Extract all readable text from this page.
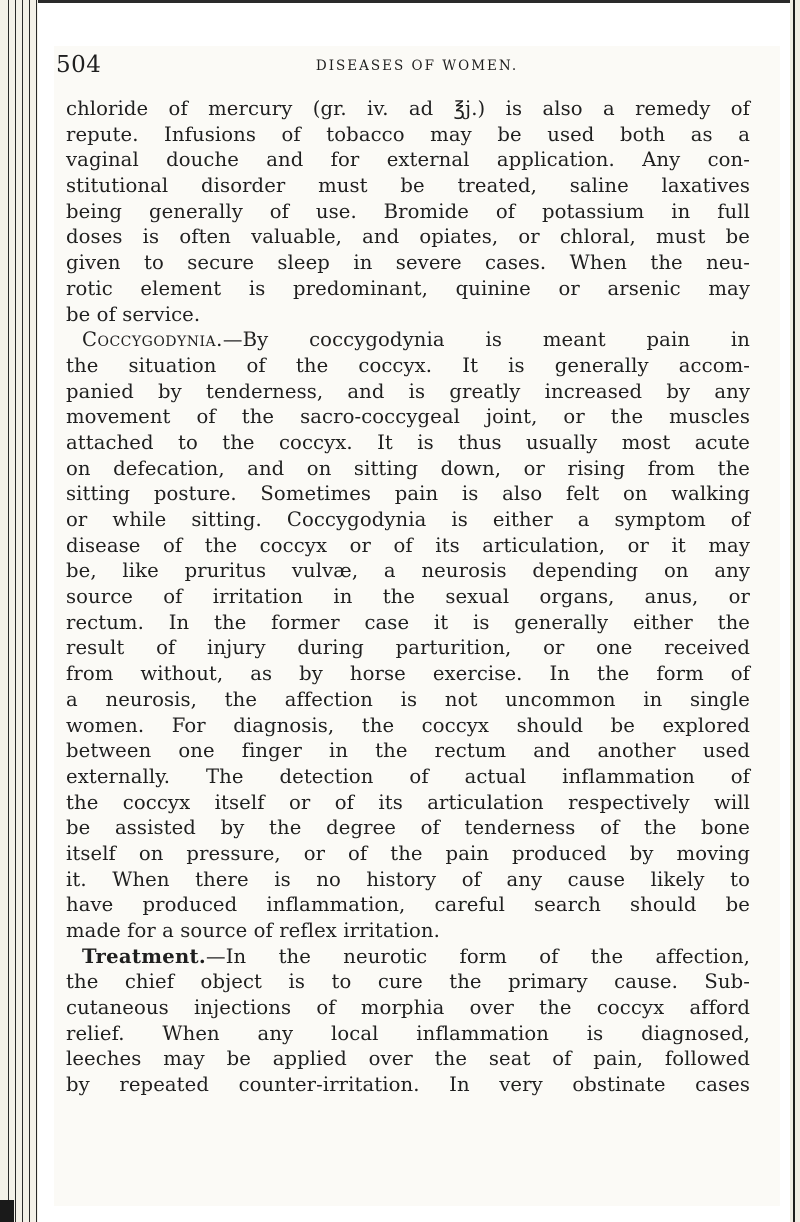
504	DISEASES OF WOMEN.
chloride of mercury (gr. iv. ad ℥j.) is also a remedy of
repute. Infusions of tobacco may be used both as a
vaginal douche and for external application. Any con-
stitutional disorder must be treated, saline laxatives
being generally of use. Bromide of potassium in full
doses is often valuable, and opiates, or chloral, must be
given to secure sleep in severe cases. When the neu-
rotic element is predominant, quinine or arsenic may
be of service.
Coccygodynia.—By coccygodynia is meant pain in
the situation of the coccyx. It is generally accom-
panied by tenderness, and is greatly increased by any
movement of the sacro-coccygeal joint, or the muscles
attached to the coccyx. It is thus usually most acute
on defecation, and on sitting down, or rising from the
sitting posture. Sometimes pain is also felt on walking
or while sitting. Coccygodynia is either a symptom of
disease of the coccyx or of its articulation, or it may
be, like pruritus vulvæ, a neurosis depending on any
source of irritation in the sexual organs, anus, or
rectum. In the former case it is generally either the
result of injury during parturition, or one received
from without, as by horse exercise. In the form of
a neurosis, the affection is not uncommon in single
women. For diagnosis, the coccyx should be explored
between one finger in the rectum and another used
externally. The detection of actual inflammation of
the coccyx itself or of its articulation respectively will
be assisted by the degree of tenderness of the bone
itself on pressure, or of the pain produced by moving
it. When there is no history of any cause likely to
have produced inflammation, careful search should be
made for a source of reflex irritation.
Treatment.—In the neurotic form of the affection,
the chief object is to cure the primary cause. Sub-
cutaneous injections of morphia over the coccyx afford
relief. When any local inflammation is diagnosed,
leeches may be applied over the seat of pain, followed
by repeated counter-irritation. In very obstinate cases
